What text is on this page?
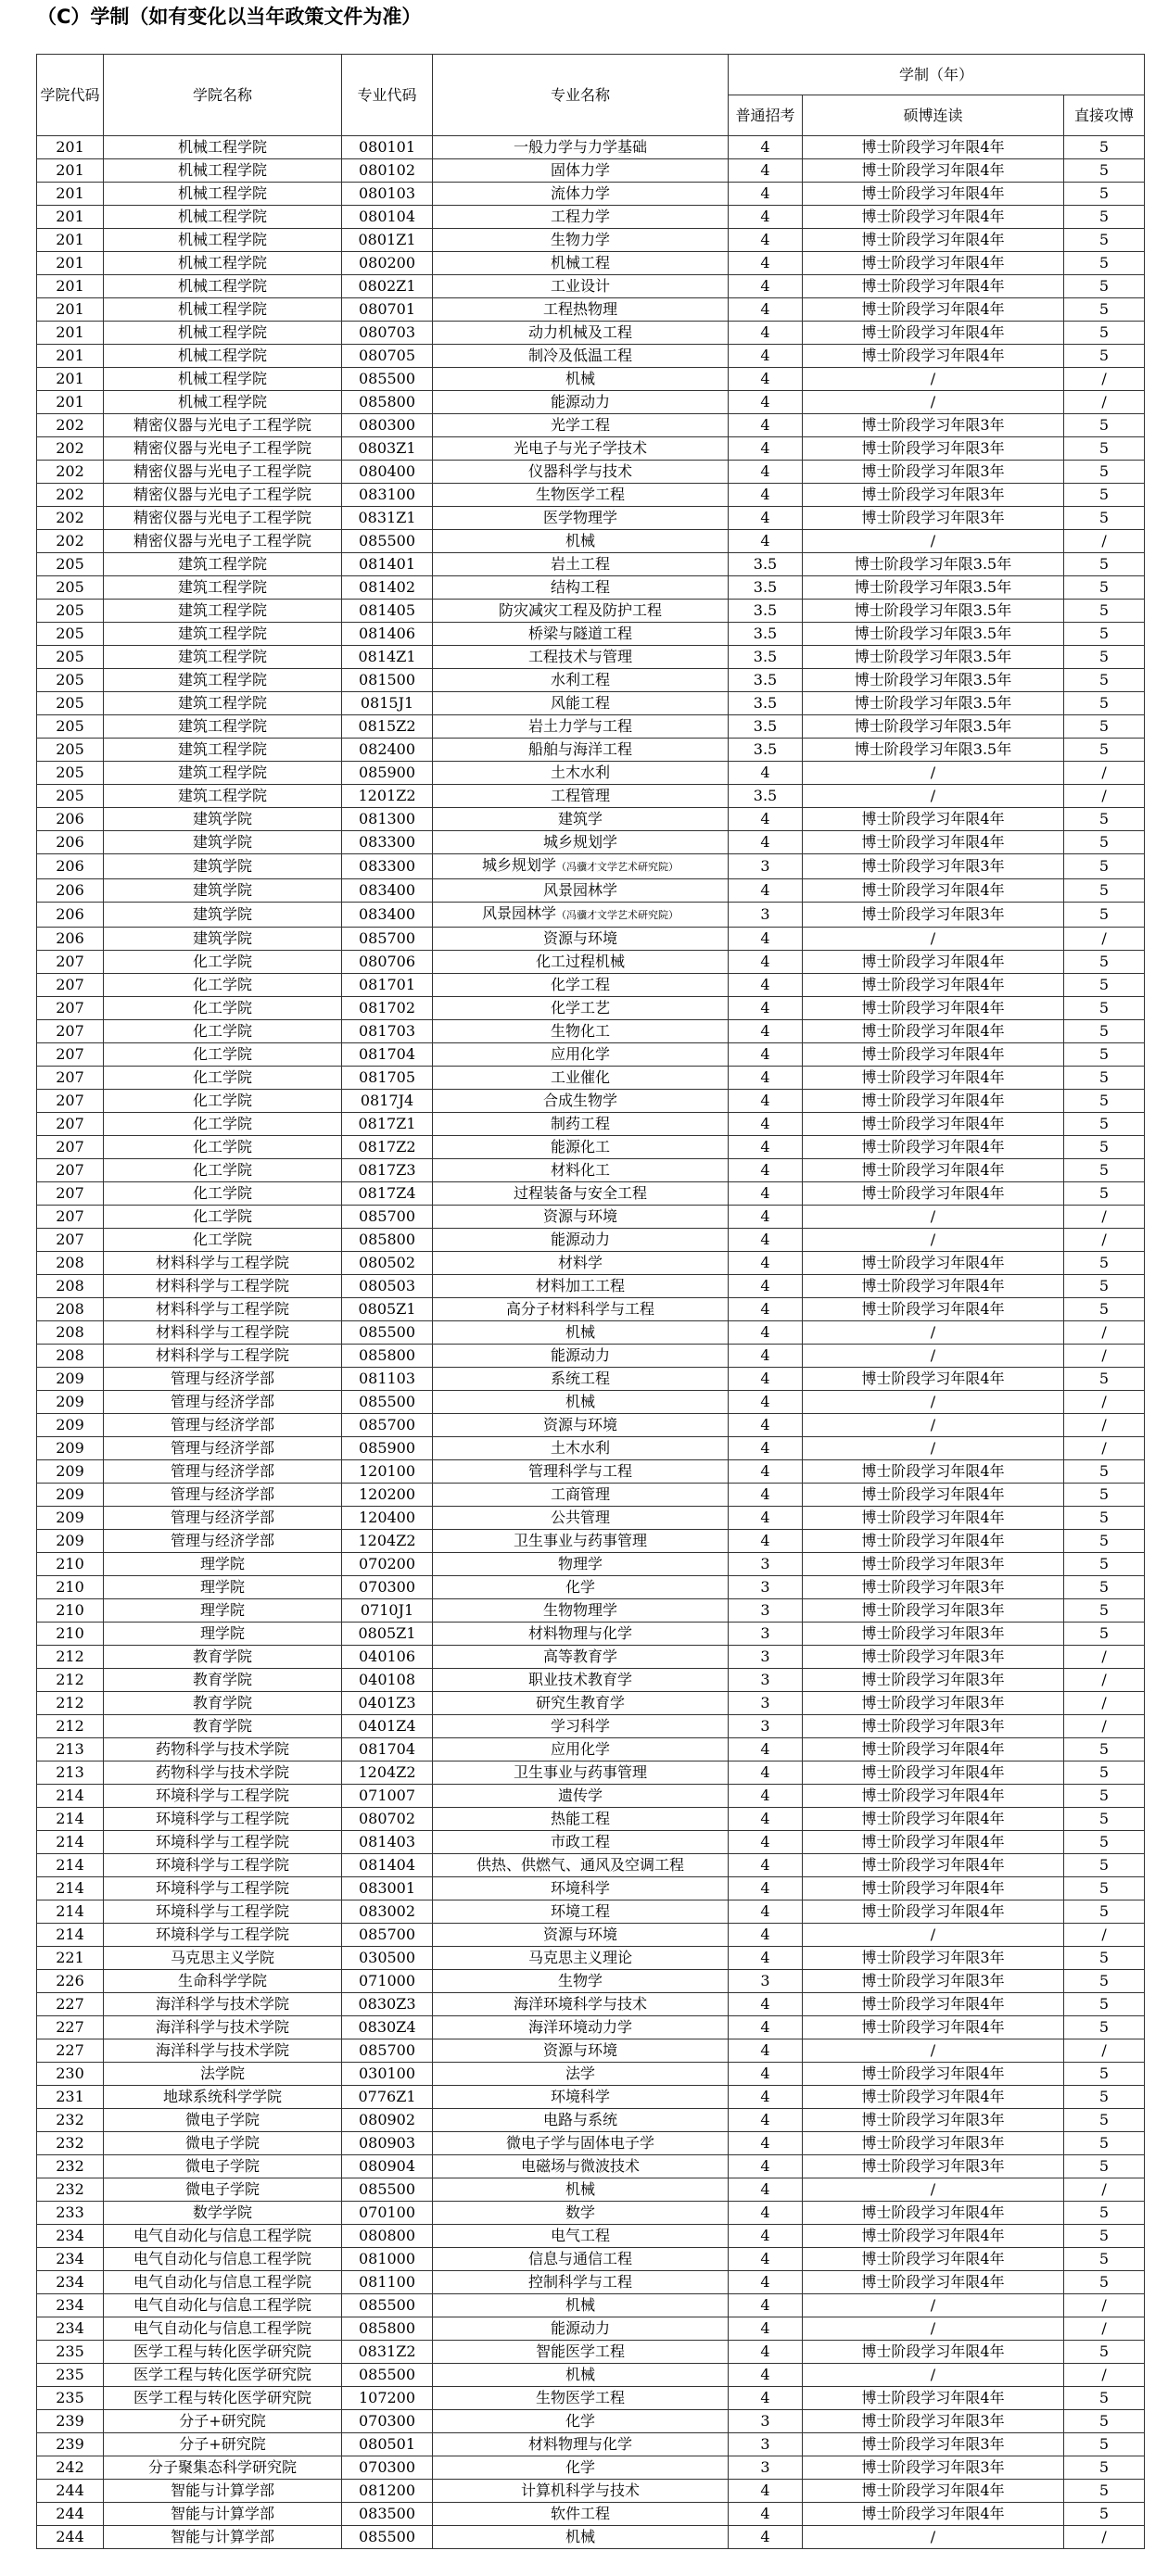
（C）学制（如有变化以当年政策文件为准）
学院代码	学院名称	专业代码	专业名称	学制（年）		
				普通招考	硕博连读	直接攻博
201	机械工程学院	080101	一般力学与力学基础	4	博士阶段学习年限4年	5
201	机械工程学院	080102	固体力学	4	博士阶段学习年限4年	5
201	机械工程学院	080103	流体力学	4	博士阶段学习年限4年	5
201	机械工程学院	080104	工程力学	4	博士阶段学习年限4年	5
201	机械工程学院	0801Z1	生物力学	4	博士阶段学习年限4年	5
201	机械工程学院	080200	机械工程	4	博士阶段学习年限4年	5
201	机械工程学院	0802Z1	工业设计	4	博士阶段学习年限4年	5
201	机械工程学院	080701	工程热物理	4	博士阶段学习年限4年	5
201	机械工程学院	080703	动力机械及工程	4	博士阶段学习年限4年	5
201	机械工程学院	080705	制冷及低温工程	4	博士阶段学习年限4年	5
201	机械工程学院	085500	机械	4	/	/
201	机械工程学院	085800	能源动力	4	/	/
202	精密仪器与光电子工程学院	080300	光学工程	4	博士阶段学习年限3年	5
202	精密仪器与光电子工程学院	0803Z1	光电子与光子学技术	4	博士阶段学习年限3年	5
202	精密仪器与光电子工程学院	080400	仪器科学与技术	4	博士阶段学习年限3年	5
202	精密仪器与光电子工程学院	083100	生物医学工程	4	博士阶段学习年限3年	5
202	精密仪器与光电子工程学院	0831Z1	医学物理学	4	博士阶段学习年限3年	5
202	精密仪器与光电子工程学院	085500	机械	4	/	/
205	建筑工程学院	081401	岩土工程	3.5	博士阶段学习年限3.5年	5
205	建筑工程学院	081402	结构工程	3.5	博士阶段学习年限3.5年	5
205	建筑工程学院	081405	防灾减灾工程及防护工程	3.5	博士阶段学习年限3.5年	5
205	建筑工程学院	081406	桥梁与隧道工程	3.5	博士阶段学习年限3.5年	5
205	建筑工程学院	0814Z1	工程技术与管理	3.5	博士阶段学习年限3.5年	5
205	建筑工程学院	081500	水利工程	3.5	博士阶段学习年限3.5年	5
205	建筑工程学院	0815J1	风能工程	3.5	博士阶段学习年限3.5年	5
205	建筑工程学院	0815Z2	岩土力学与工程	3.5	博士阶段学习年限3.5年	5
205	建筑工程学院	082400	船舶与海洋工程	3.5	博士阶段学习年限3.5年	5
205	建筑工程学院	085900	土木水利	4	/	/
205	建筑工程学院	1201Z2	工程管理	3.5	/	/
206	建筑学院	081300	建筑学	4	博士阶段学习年限4年	5
206	建筑学院	083300	城乡规划学	4	博士阶段学习年限4年	5
206	建筑学院	083300	城乡规划学（冯骥才文学艺术研究院）	3	博士阶段学习年限3年	5
206	建筑学院	083400	风景园林学	4	博士阶段学习年限4年	5
206	建筑学院	083400	风景园林学（冯骥才文学艺术研究院）	3	博士阶段学习年限3年	5
206	建筑学院	085700	资源与环境	4	/	/
207	化工学院	080706	化工过程机械	4	博士阶段学习年限4年	5
207	化工学院	081701	化学工程	4	博士阶段学习年限4年	5
207	化工学院	081702	化学工艺	4	博士阶段学习年限4年	5
207	化工学院	081703	生物化工	4	博士阶段学习年限4年	5
207	化工学院	081704	应用化学	4	博士阶段学习年限4年	5
207	化工学院	081705	工业催化	4	博士阶段学习年限4年	5
207	化工学院	0817J4	合成生物学	4	博士阶段学习年限4年	5
207	化工学院	0817Z1	制药工程	4	博士阶段学习年限4年	5
207	化工学院	0817Z2	能源化工	4	博士阶段学习年限4年	5
207	化工学院	0817Z3	材料化工	4	博士阶段学习年限4年	5
207	化工学院	0817Z4	过程装备与安全工程	4	博士阶段学习年限4年	5
207	化工学院	085700	资源与环境	4	/	/
207	化工学院	085800	能源动力	4	/	/
208	材料科学与工程学院	080502	材料学	4	博士阶段学习年限4年	5
208	材料科学与工程学院	080503	材料加工工程	4	博士阶段学习年限4年	5
208	材料科学与工程学院	0805Z1	高分子材料科学与工程	4	博士阶段学习年限4年	5
208	材料科学与工程学院	085500	机械	4	/	/
208	材料科学与工程学院	085800	能源动力	4	/	/
209	管理与经济学部	081103	系统工程	4	博士阶段学习年限4年	5
209	管理与经济学部	085500	机械	4	/	/
209	管理与经济学部	085700	资源与环境	4	/	/
209	管理与经济学部	085900	土木水利	4	/	/
209	管理与经济学部	120100	管理科学与工程	4	博士阶段学习年限4年	5
209	管理与经济学部	120200	工商管理	4	博士阶段学习年限4年	5
209	管理与经济学部	120400	公共管理	4	博士阶段学习年限4年	5
209	管理与经济学部	1204Z2	卫生事业与药事管理	4	博士阶段学习年限4年	5
210	理学院	070200	物理学	3	博士阶段学习年限3年	5
210	理学院	070300	化学	3	博士阶段学习年限3年	5
210	理学院	0710J1	生物物理学	3	博士阶段学习年限3年	5
210	理学院	0805Z1	材料物理与化学	3	博士阶段学习年限3年	5
212	教育学院	040106	高等教育学	3	博士阶段学习年限3年	/
212	教育学院	040108	职业技术教育学	3	博士阶段学习年限3年	/
212	教育学院	0401Z3	研究生教育学	3	博士阶段学习年限3年	/
212	教育学院	0401Z4	学习科学	3	博士阶段学习年限3年	/
213	药物科学与技术学院	081704	应用化学	4	博士阶段学习年限4年	5
213	药物科学与技术学院	1204Z2	卫生事业与药事管理	4	博士阶段学习年限4年	5
214	环境科学与工程学院	071007	遗传学	4	博士阶段学习年限4年	5
214	环境科学与工程学院	080702	热能工程	4	博士阶段学习年限4年	5
214	环境科学与工程学院	081403	市政工程	4	博士阶段学习年限4年	5
214	环境科学与工程学院	081404	供热、供燃气、通风及空调工程	4	博士阶段学习年限4年	5
214	环境科学与工程学院	083001	环境科学	4	博士阶段学习年限4年	5
214	环境科学与工程学院	083002	环境工程	4	博士阶段学习年限4年	5
214	环境科学与工程学院	085700	资源与环境	4	/	/
221	马克思主义学院	030500	马克思主义理论	4	博士阶段学习年限3年	5
226	生命科学学院	071000	生物学	3	博士阶段学习年限3年	5
227	海洋科学与技术学院	0830Z3	海洋环境科学与技术	4	博士阶段学习年限4年	5
227	海洋科学与技术学院	0830Z4	海洋环境动力学	4	博士阶段学习年限4年	5
227	海洋科学与技术学院	085700	资源与环境	4	/	/
230	法学院	030100	法学	4	博士阶段学习年限4年	5
231	地球系统科学学院	0776Z1	环境科学	4	博士阶段学习年限4年	5
232	微电子学院	080902	电路与系统	4	博士阶段学习年限3年	5
232	微电子学院	080903	微电子学与固体电子学	4	博士阶段学习年限3年	5
232	微电子学院	080904	电磁场与微波技术	4	博士阶段学习年限3年	5
232	微电子学院	085500	机械	4	/	/
233	数学学院	070100	数学	4	博士阶段学习年限4年	5
234	电气自动化与信息工程学院	080800	电气工程	4	博士阶段学习年限4年	5
234	电气自动化与信息工程学院	081000	信息与通信工程	4	博士阶段学习年限4年	5
234	电气自动化与信息工程学院	081100	控制科学与工程	4	博士阶段学习年限4年	5
234	电气自动化与信息工程学院	085500	机械	4	/	/
234	电气自动化与信息工程学院	085800	能源动力	4	/	/
235	医学工程与转化医学研究院	0831Z2	智能医学工程	4	博士阶段学习年限4年	5
235	医学工程与转化医学研究院	085500	机械	4	/	/
235	医学工程与转化医学研究院	107200	生物医学工程	4	博士阶段学习年限4年	5
239	分子+研究院	070300	化学	3	博士阶段学习年限3年	5
239	分子+研究院	080501	材料物理与化学	3	博士阶段学习年限3年	5
242	分子聚集态科学研究院	070300	化学	3	博士阶段学习年限3年	5
244	智能与计算学部	081200	计算机科学与技术	4	博士阶段学习年限4年	5
244	智能与计算学部	083500	软件工程	4	博士阶段学习年限4年	5
244	智能与计算学部	085500	机械	4	/	/
